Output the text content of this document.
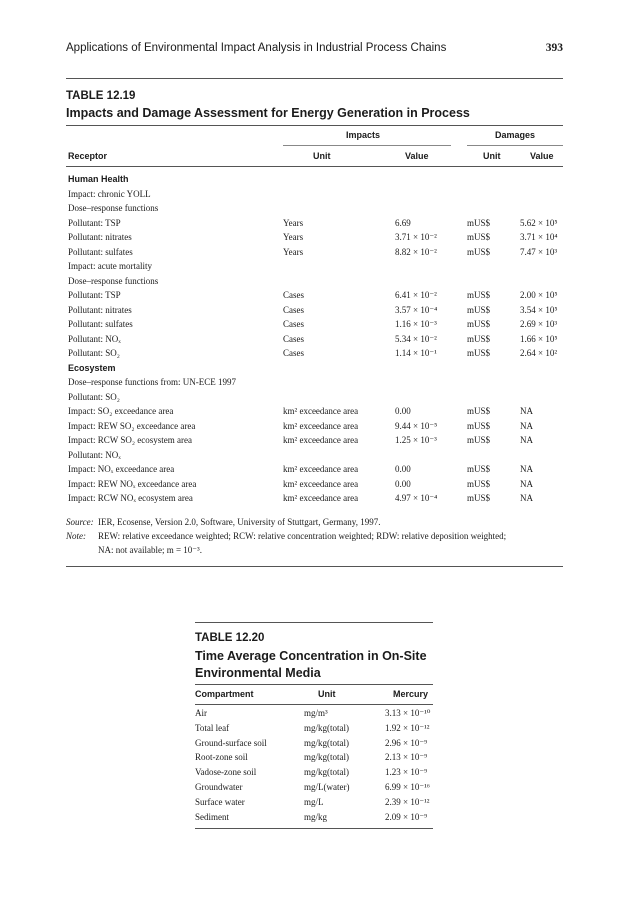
Applications of Environmental Impact Analysis in Industrial Process Chains	393
TABLE 12.19
Impacts and Damage Assessment for Energy Generation in Process
Impacts	Damages
Receptor	Unit	Value	Unit	Value
Human Health
Impact: chronic YOLL
Dose–response functions
Pollutant: TSP	Years	6.69	mUS$	5.62 × 10⁵
Pollutant: nitrates	Years	3.71 × 10⁻²	mUS$	3.71 × 10⁴
Pollutant: sulfates	Years	8.82 × 10⁻²	mUS$	7.47 × 10³
Impact: acute mortality
Dose–response functions
Pollutant: TSP	Cases	6.41 × 10⁻²	mUS$	2.00 × 10⁵
Pollutant: nitrates	Cases	3.57 × 10⁻⁴	mUS$	3.54 × 10⁵
Pollutant: sulfates	Cases	1.16 × 10⁻³	mUS$	2.69 × 10³
Pollutant: NOₓ	Cases	5.34 × 10⁻²	mUS$	1.66 × 10⁵
Pollutant: SO₂	Cases	1.14 × 10⁻¹	mUS$	2.64 × 10²
Ecosystem
Dose–response functions from: UN-ECE 1997
Pollutant: SO₂
Impact: SO₂ exceedance area	km² exceedance area	0.00	mUS$	NA
Impact: REW SO₂ exceedance area	km² exceedance area	9.44 × 10⁻⁵	mUS$	NA
Impact: RCW SO₂ ecosystem area	km² exceedance area	1.25 × 10⁻³	mUS$	NA
Pollutant: NOₓ
Impact: NOₓ exceedance area	km² exceedance area	0.00	mUS$	NA
Impact: REW NOₓ exceedance area	km² exceedance area	0.00	mUS$	NA
Impact: RCW NOₓ ecosystem area	km² exceedance area	4.97 × 10⁻⁴	mUS$	NA
Source: IER, Ecosense, Version 2.0, Software, University of Stuttgart, Germany, 1997.
Note: REW: relative exceedance weighted; RCW: relative concentration weighted; RDW: relative deposition weighted;
NA: not available; m = 10⁻³.
TABLE 12.20
Time Average Concentration in On-Site Environmental Media
Compartment	Unit	Mercury
Air	mg/m³	3.13 × 10⁻¹⁰
Total leaf	mg/kg(total)	1.92 × 10⁻¹²
Ground-surface soil	mg/kg(total)	2.96 × 10⁻⁹
Root-zone soil	mg/kg(total)	2.13 × 10⁻⁹
Vadose-zone soil	mg/kg(total)	1.23 × 10⁻⁹
Groundwater	mg/L(water)	6.99 × 10⁻¹⁶
Surface water	mg/L	2.39 × 10⁻¹²
Sediment	mg/kg	2.09 × 10⁻⁹
